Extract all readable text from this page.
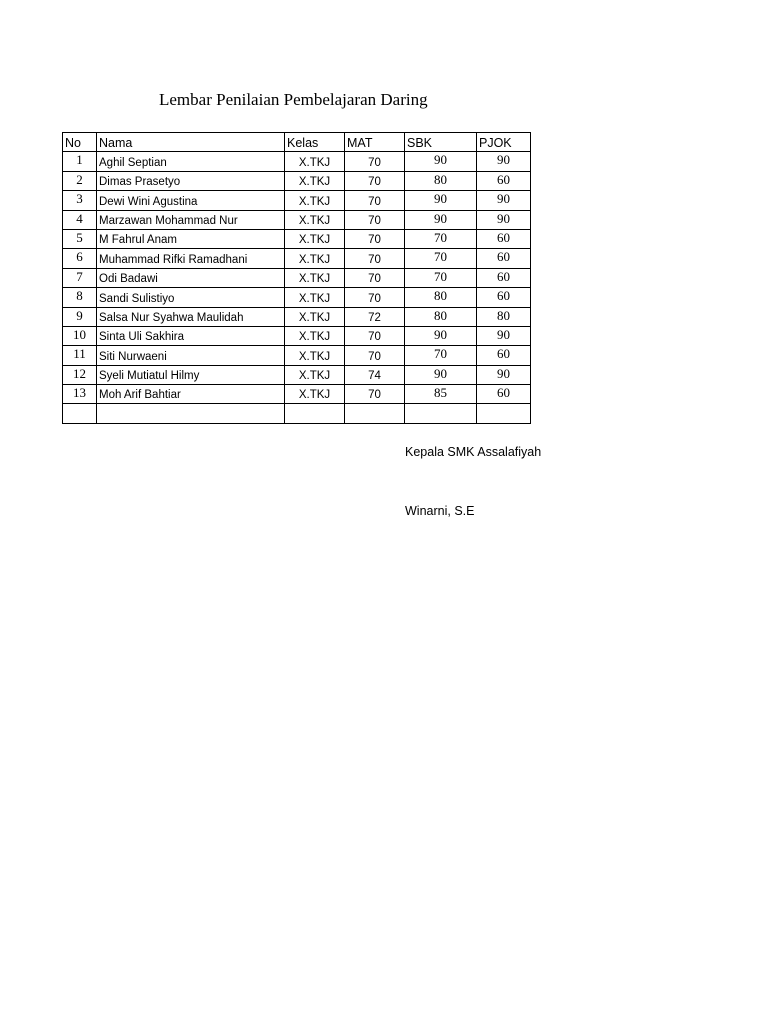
Lembar Penilaian Pembelajaran Daring
No	Nama	Kelas	MAT	SBK	PJOK
1	Aghil Septian	X.TKJ	70	90	90
2	Dimas Prasetyo	X.TKJ	70	80	60
3	Dewi Wini Agustina	X.TKJ	70	90	90
4	Marzawan Mohammad Nur	X.TKJ	70	90	90
5	M Fahrul Anam	X.TKJ	70	70	60
6	Muhammad Rifki Ramadhani	X.TKJ	70	70	60
7	Odi Badawi	X.TKJ	70	70	60
8	Sandi Sulistiyo	X.TKJ	70	80	60
9	Salsa Nur Syahwa Maulidah	X.TKJ	72	80	80
10	Sinta Uli Sakhira	X.TKJ	70	90	90
11	Siti Nurwaeni	X.TKJ	70	70	60
12	Syeli Mutiatul Hilmy	X.TKJ	74	90	90
13	Moh Arif Bahtiar	X.TKJ	70	85	60

Kepala SMK Assalafiyah
Winarni, S.E
